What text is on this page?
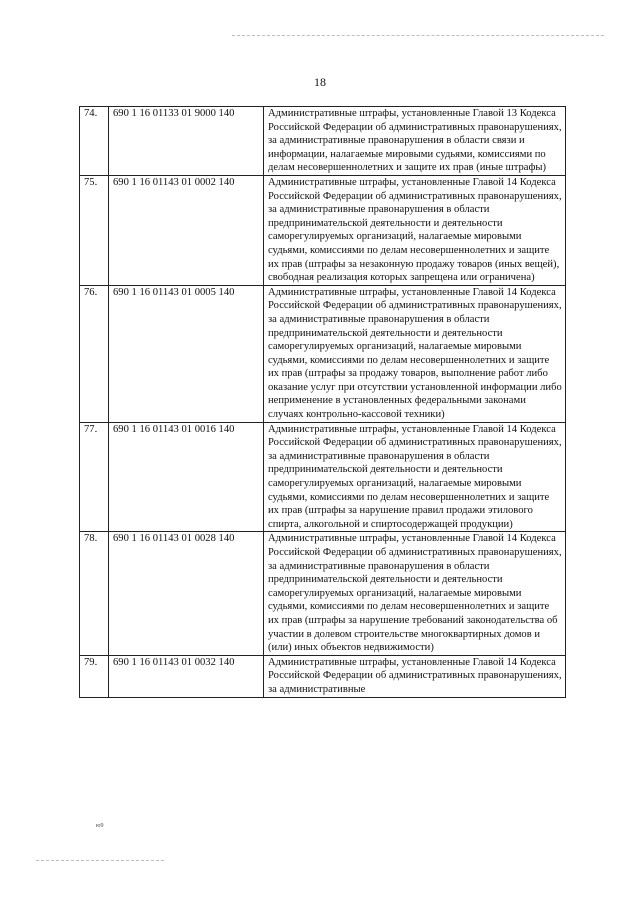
18
74.	690 1 16 01133 01 9000 140	Административные штрафы, установленные Главой 13 Кодекса Российской Федерации об административных правонарушениях, за административные правонарушения в области связи и информации, налагаемые мировыми судьями, комиссиями по делам несовершеннолетних и защите их прав (иные штрафы)
75.	690 1 16 01143 01 0002 140	Административные штрафы, установленные Главой 14 Кодекса Российской Федерации об административных правонарушениях, за административные правонарушения в области предпринимательской деятельности и деятельности саморегулируемых организаций, налагаемые мировыми судьями, комиссиями по делам несовершеннолетних и защите их прав (штрафы за незаконную продажу товаров (иных вещей), свободная реализация которых запрещена или ограничена)
76.	690 1 16 01143 01 0005 140	Административные штрафы, установленные Главой 14 Кодекса Российской Федерации об административных правонарушениях, за административные правонарушения в области предпринимательской деятельности и деятельности саморегулируемых организаций, налагаемые мировыми судьями, комиссиями по делам несовершеннолетних и защите их прав (штрафы за продажу товаров, выполнение работ либо оказание услуг при отсутствии установленной информации либо неприменение в установленных федеральными законами случаях контрольно-кассовой техники)
77.	690 1 16 01143 01 0016 140	Административные штрафы, установленные Главой 14 Кодекса Российской Федерации об административных правонарушениях, за административные правонарушения в области предпринимательской деятельности и деятельности саморегулируемых организаций, налагаемые мировыми судьями, комиссиями по делам несовершеннолетних и защите их прав (штрафы за нарушение правил продажи этилового спирта, алкогольной и спиртосодержащей продукции)
78.	690 1 16 01143 01 0028 140	Административные штрафы, установленные Главой 14 Кодекса Российской Федерации об административных правонарушениях, за административные правонарушения в области предпринимательской деятельности и деятельности саморегулируемых организаций, налагаемые мировыми судьями, комиссиями по делам несовершеннолетних и защите их прав (штрафы за нарушение требований законодательства об участии в долевом строительстве многоквартирных домов и (или) иных объектов недвижимости)
79.	690 1 16 01143 01 0032 140	Административные штрафы, установленные Главой 14 Кодекса Российской Федерации об административных правонарушениях, за административные
ю9
